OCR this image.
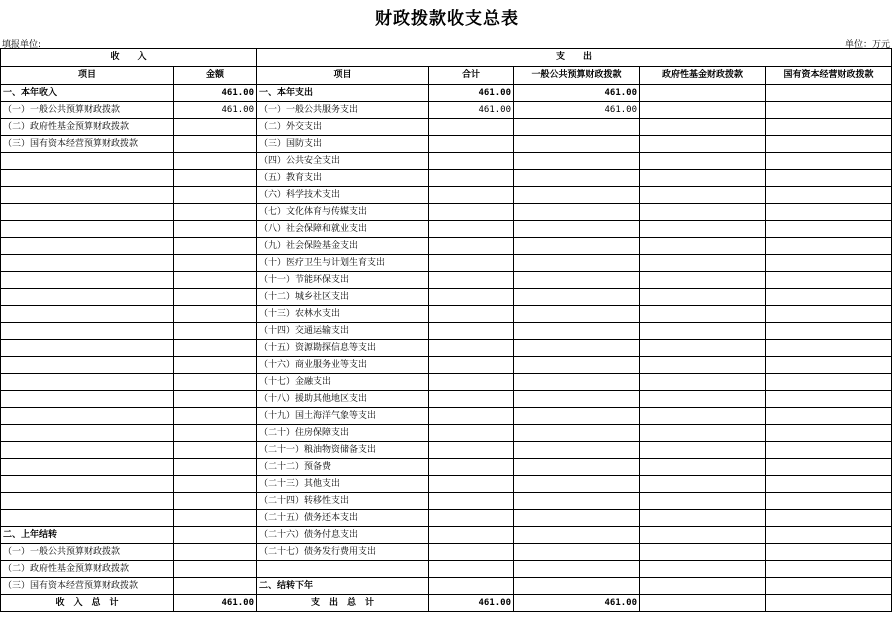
财政拨款收支总表
填报单位:	单位：万元
收　　入		支　　出				
项目	金额	项目	合计	一般公共预算财政拨款	政府性基金财政拨款	国有资本经营财政拨款
一、本年收入	461.00	一、本年支出	461.00	461.00		
（一）一般公共预算财政拨款	461.00	（一）一般公共服务支出	461.00	461.00		
（二）政府性基金预算财政拨款		（二）外交支出				
（三）国有资本经营预算财政拨款		（三）国防支出				
		（四）公共安全支出				
		（五）教育支出				
		（六）科学技术支出				
		（七）文化体育与传媒支出				
		（八）社会保障和就业支出				
		（九）社会保险基金支出				
		（十）医疗卫生与计划生育支出				
		（十一）节能环保支出				
		（十二）城乡社区支出				
		（十三）农林水支出				
		（十四）交通运输支出				
		（十五）资源勘探信息等支出				
		（十六）商业服务业等支出				
		（十七）金融支出				
		（十八）援助其他地区支出				
		（十九）国土海洋气象等支出				
		（二十）住房保障支出				
		（二十一）粮油物资储备支出				
		（二十二）预备费				
		（二十三）其他支出				
		（二十四）转移性支出				
		（二十五）债务还本支出				
二、上年结转		（二十六）债务付息支出				
（一）一般公共预算财政拨款		（二十七）债务发行费用支出				
（二）政府性基金预算财政拨款						
（三）国有资本经营预算财政拨款		二、结转下年				
收　入　总　计	461.00	支　出　总　计	461.00	461.00		
